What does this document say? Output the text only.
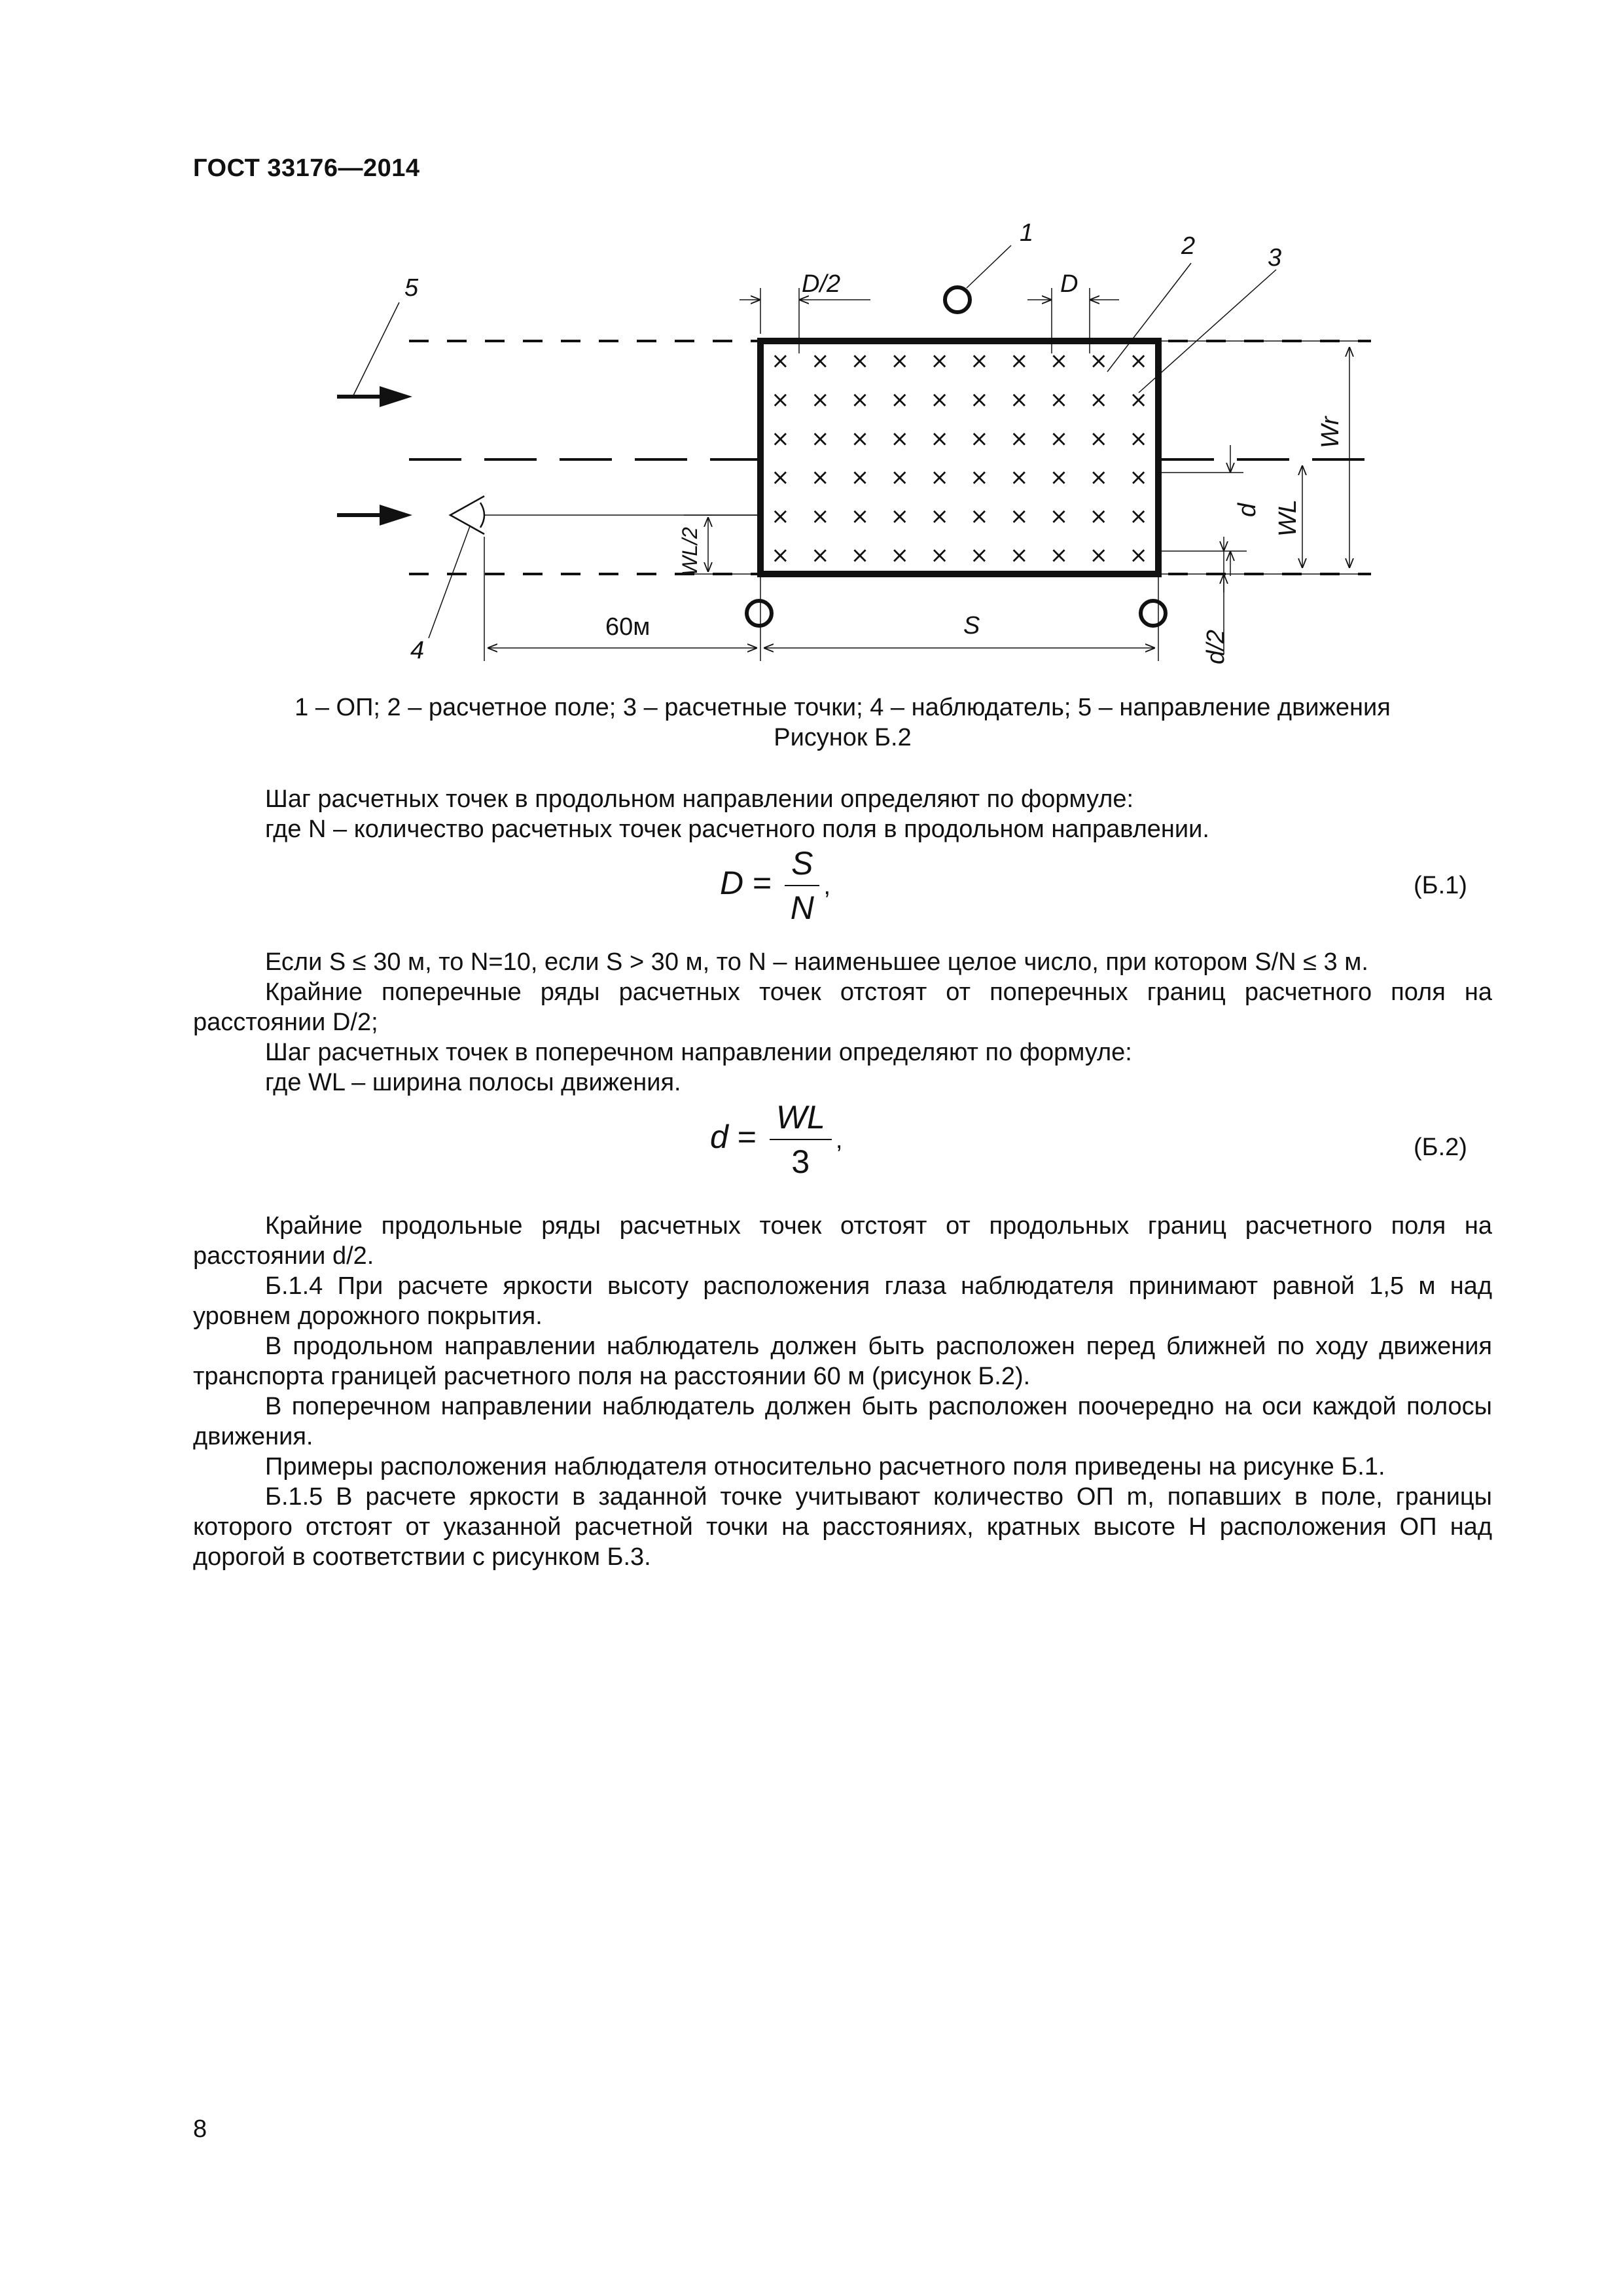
ГОСТ 33176—2014
× × × × × × × × × ×
× × × × × × × × × ×
× × × × × × × × × ×
× × × × × × × × × ×
× × × × × × × × × ×
× × × × × × × × × ×
1	2	3
4
5	D/2	D
Wr
d WL
d/2
WL/2
60м	S
1 – ОП; 2 – расчетное поле; 3 – расчетные точки; 4 – наблюдатель; 5 – направление движения
Рисунок Б.2
Шаг расчетных точек в продольном направлении определяют по формуле:
где N – количество расчетных точек расчетного поля в продольном направлении.
$D = \frac{S}{N}$ ,	(Б.1)
Если S ≤ 30 м, то N=10, если S > 30 м, то N – наименьшее целое число, при котором S/N ≤ 3 м.
Крайние поперечные ряды расчетных точек отстоят от поперечных границ расчетного поля на расстоянии D/2;
Шаг расчетных точек в поперечном направлении определяют по формуле:
где WL – ширина полосы движения.
$d = \frac{WL}{3}$ ,	(Б.2)
Крайние продольные ряды расчетных точек отстоят от продольных границ расчетного поля на расстоянии d/2.
Б.1.4 При расчете яркости высоту расположения глаза наблюдателя принимают равной 1,5 м над уровнем дорожного покрытия.
В продольном направлении наблюдатель должен быть расположен перед ближней по ходу движения транспорта границей расчетного поля на расстоянии 60 м (рисунок Б.2).
В поперечном направлении наблюдатель должен быть расположен поочередно на оси каждой полосы движения.
Примеры расположения наблюдателя относительно расчетного поля приведены на рисунке Б.1.
Б.1.5 В расчете яркости в заданной точке учитывают количество ОП m, попавших в поле, границы которого отстоят от указанной расчетной точки на расстояниях, кратных высоте H расположения ОП над дорогой в соответствии с рисунком Б.3.
8
